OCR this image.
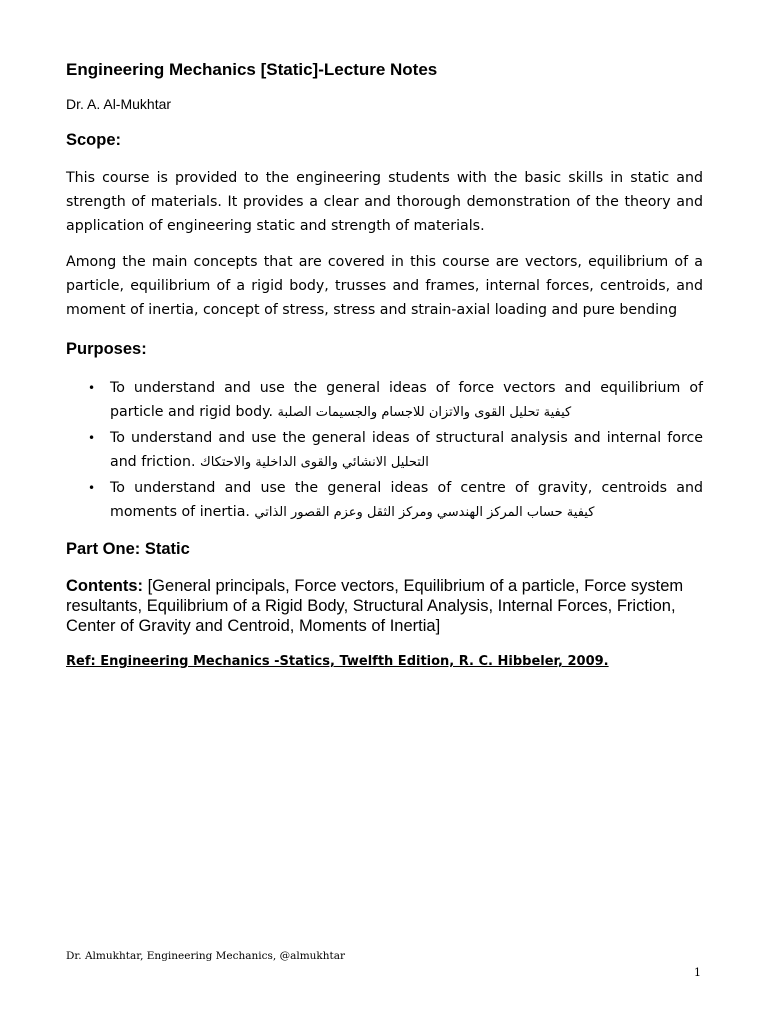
Engineering Mechanics [Static]-Lecture Notes
Dr. A. Al-Mukhtar
Scope:

This course is provided to the engineering students with the basic skills in static and strength of materials. It provides a clear and thorough demonstration of the theory and application of engineering static and strength of materials.

Among the main concepts that are covered in this course are vectors, equilibrium of a particle, equilibrium of a rigid body, trusses and frames, internal forces, centroids, and moment of inertia, concept of stress, stress and strain-axial loading and pure bending

Purposes:
• To understand and use the general ideas of force vectors and equilibrium of particle and rigid body. كيفية تحليل القوى والاتزان للاجسام والجسيمات الصلبة
• To understand and use the general ideas of structural analysis and internal force and friction. التحليل الانشائي والقوى الداخلية والاحتكاك
• To understand and use the general ideas of centre of gravity, centroids and moments of inertia. كيفية حساب المركز الهندسي ومركز الثقل وعزم القصور الذاتي
Part One: Static
Contents: [General principals, Force vectors, Equilibrium of a particle, Force system resultants, Equilibrium of a Rigid Body, Structural Analysis, Internal Forces, Friction, Center of Gravity and Centroid, Moments of Inertia]
Ref: Engineering Mechanics -Statics, Twelfth Edition, R. C. Hibbeler, 2009.
Dr. Almukhtar, Engineering Mechanics, @almukhtar
1
